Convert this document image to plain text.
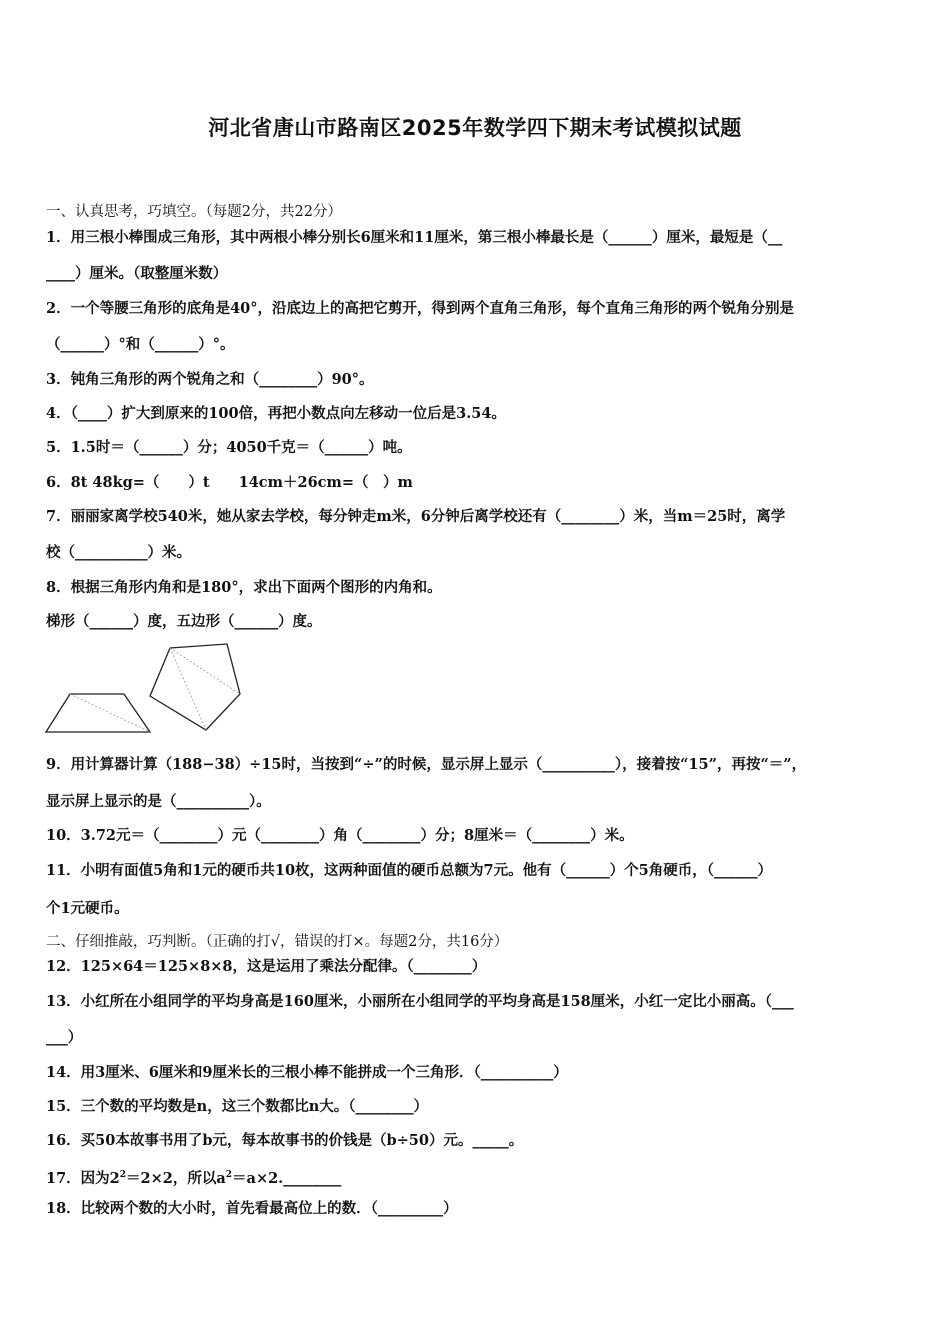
河北省唐山市路南区2025年数学四下期末考试模拟试题
一、认真思考，巧填空。（每题2分，共22分）
1．用三根小棒围成三角形，其中两根小棒分别长6厘米和11厘米，第三根小棒最长是（______）厘米，最短是（__
____）厘米。（取整厘米数）
2．一个等腰三角形的底角是40°，沿底边上的高把它剪开，得到两个直角三角形，每个直角三角形的两个锐角分别是
（______）°和（______）°。
3．钝角三角形的两个锐角之和（________）90°。
4．（____）扩大到原来的100倍，再把小数点向左移动一位后是3.54。
5．1.5时＝（______）分；4050千克＝（______）吨。
6．8t 48kg=（　　）t　　14cm＋26cm=（　）m
7．丽丽家离学校540米，她从家去学校，每分钟走m米，6分钟后离学校还有（________）米，当m＝25时，离学
校（__________）米。
8．根据三角形内角和是180°，求出下面两个图形的内角和。
梯形（______）度，五边形（______）度。
9．用计算器计算（188−38）÷15时，当按到“÷”的时候，显示屏上显示（__________），接着按“15”，再按“＝”，
显示屏上显示的是（__________）。
10．3.72元＝（________）元（________）角（________）分；8厘米＝（________）米。
11．小明有面值5角和1元的硬币共10枚，这两种面值的硬币总额为7元。他有（______）个5角硬币，（______）
个1元硬币。
二、仔细推敲，巧判断。（正确的打√，错误的打×。每题2分，共16分）
12．125×64＝125×8×8，这是运用了乘法分配律。（________）
13．小红所在小组同学的平均身高是160厘米，小丽所在小组同学的平均身高是158厘米，小红一定比小丽高。（___
___）
14．用3厘米、6厘米和9厘米长的三根小棒不能拼成一个三角形．（__________）
15．三个数的平均数是n，这三个数都比n大。（________）
16．买50本故事书用了b元，每本故事书的价钱是（b÷50）元。_____。
17．因为$2^2=2\times 2$，所以$a^2=a\times 2.\_\_\_\_\_\_\_\_$
18．比较两个数的大小时，首先看最高位上的数．（_________）
